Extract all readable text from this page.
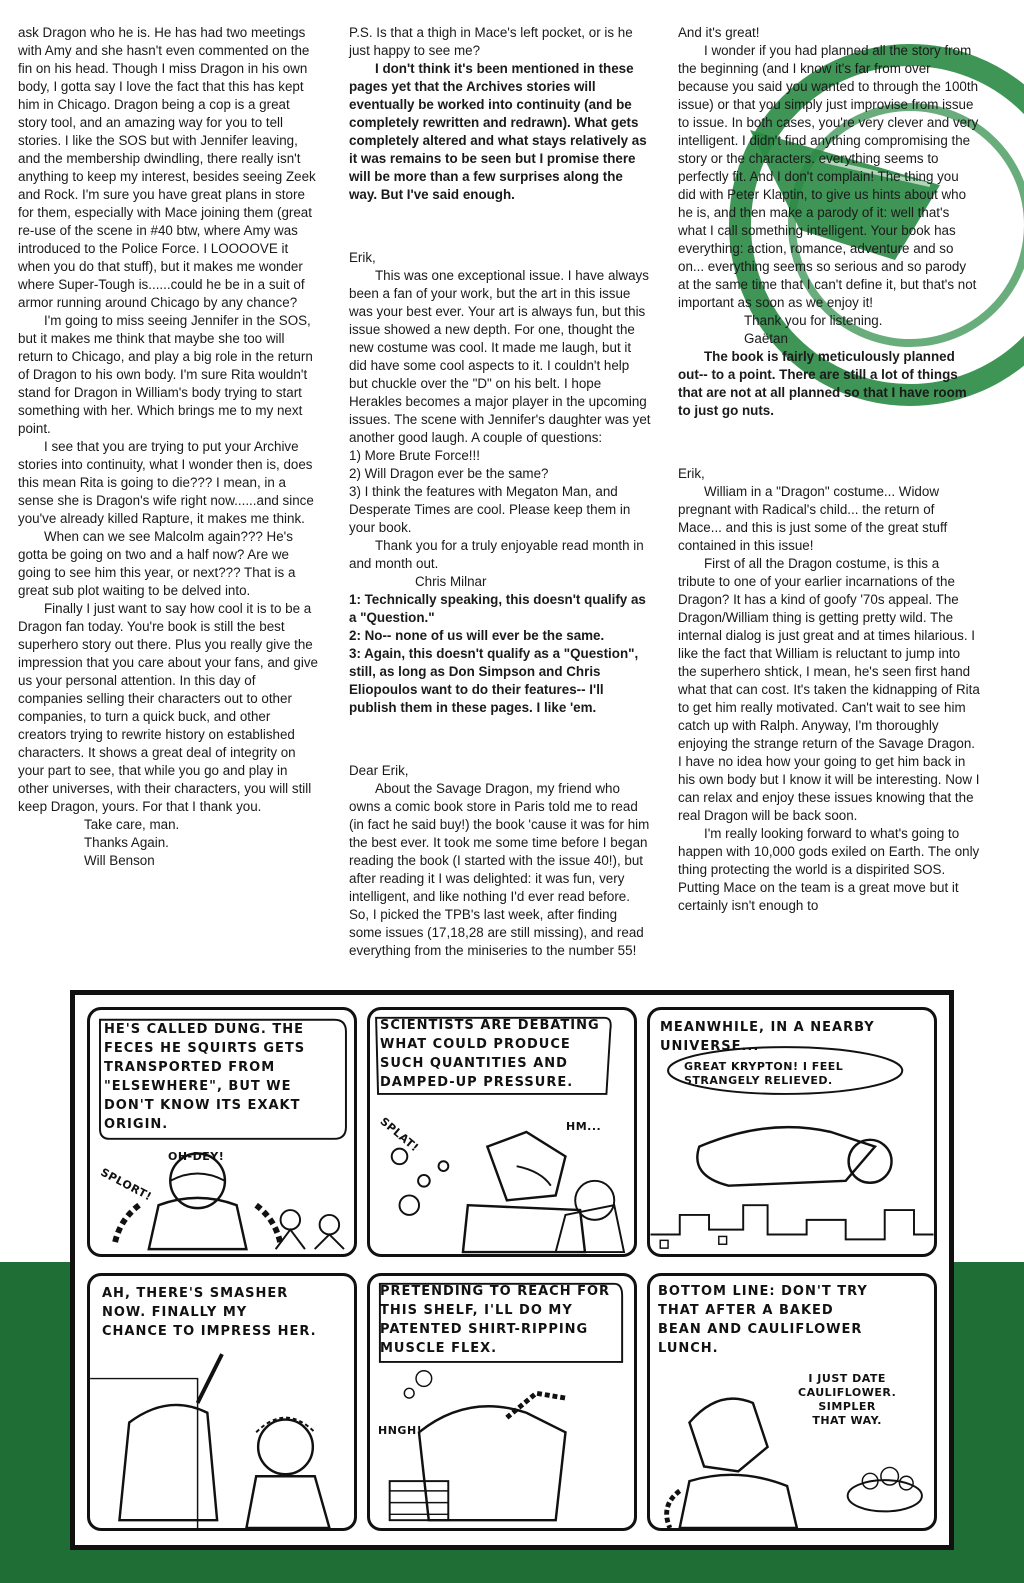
ask Dragon who he is. He has had two meetings with Amy and she hasn't even commented on the fin on his head. Though I miss Dragon in his own body, I gotta say I love the fact that this has kept him in Chicago. Dragon being a cop is a great story tool, and an amazing way for you to tell stories. I like the SOS but with Jennifer leaving, and the membership dwindling, there really isn't anything to keep my interest, besides seeing Zeek and Rock. I'm sure you have great plans in store for them, especially with Mace joining them (great re-use of the scene in #40 btw, where Amy was introduced to the Police Force. I LOOOOVE it when you do that stuff), but it makes me wonder where Super-Tough is......could he be in a suit of armor running around Chicago by any chance?

I'm going to miss seeing Jennifer in the SOS, but it makes me think that maybe she too will return to Chicago, and play a big role in the return of Dragon to his own body. I'm sure Rita wouldn't stand for Dragon in William's body trying to start something with her. Which brings me to my next point.

I see that you are trying to put your Archive stories into continuity, what I wonder then is, does this mean Rita is going to die??? I mean, in a sense she is Dragon's wife right now......and since you've already killed Rapture, it makes me think.

When can we see Malcolm again??? He's gotta be going on two and a half now? Are we going to see him this year, or next??? That is a great sub plot waiting to be delved into.

Finally I just want to say how cool it is to be a Dragon fan today. You're book is still the best superhero story out there. Plus you really give the impression that you care about your fans, and give us your personal attention. In this day of companies selling their characters out to other companies, to turn a quick buck, and other creators trying to rewrite history on established characters. It shows a great deal of integrity on your part to see, that while you go and play in other universes, with their characters, you will still keep Dragon, yours. For that I thank you.

Take care, man.

Thanks Again.

Will Benson

P.S. Is that a thigh in Mace's left pocket, or is he just happy to see me?

I don't think it's been mentioned in these pages yet that the Archives stories will eventually be worked into continuity (and be completely rewritten and redrawn). What gets completely altered and what stays relatively as it was remains to be seen but I promise there will be more than a few surprises along the way. But I've said enough.

Erik,

This was one exceptional issue. I have always been a fan of your work, but the art in this issue was your best ever. Your art is always fun, but this issue showed a new depth. For one, thought the new costume was cool. It made me laugh, but it did have some cool aspects to it. I couldn't help but chuckle over the "D" on his belt. I hope Herakles becomes a major player in the upcoming issues. The scene with Jennifer's daughter was yet another good laugh. A couple of questions:

1) More Brute Force!!!

2) Will Dragon ever be the same?

3) I think the features with Megaton Man, and Desperate Times are cool. Please keep them in your book.

Thank you for a truly enjoyable read month in and month out.

Chris Milnar

1: Technically speaking, this doesn't qualify as a "Question."

2: No-- none of us will ever be the same.

3: Again, this doesn't qualify as a "Question", still, as long as Don Simpson and Chris Eliopoulos want to do their features-- I'll publish them in these pages. I like 'em.

Dear Erik,

About the Savage Dragon, my friend who owns a comic book store in Paris told me to read (in fact he said buy!) the book 'cause it was for him the best ever. It took me some time before I began reading the book (I started with the issue 40!), but after reading it I was delighted: it was fun, very intelligent, and like nothing I'd ever read before. So, I picked the TPB's last week, after finding some issues (17,18,28 are still missing), and read everything from the miniseries to the number 55!

And it's great!

I wonder if you had planned all the story from the beginning (and I know it's far from over because you said you wanted to through the 100th issue) or that you simply just improvise from issue to issue. In both cases, you're very clever and very intelligent. I didn't find anything compromising the story or the characters. everything seems to perfectly fit. And I don't complain! The thing you did with Peter Klaptin, to give us hints about who he is, and then make a parody of it: well that's what I call something intelligent. Your book has everything: action, romance, adventure and so on... everything seems so serious and so parody at the same time that I can't define it, but that's not important as soon as we enjoy it!

Thank you for listening.

Gaëtan

The book is fairly meticulously planned out-- to a point. There are still a lot of things that are not at all planned so that I have room to just go nuts.

Erik,

William in a "Dragon" costume... Widow pregnant with Radical's child... the return of Mace... and this is just some of the great stuff contained in this issue!

First of all the Dragon costume, is this a tribute to one of your earlier incarnations of the Dragon? It has a kind of goofy '70s appeal. The Dragon/William thing is getting pretty wild. The internal dialog is just great and at times hilarious. I like the fact that William is reluctant to jump into the superhero shtick, I mean, he's seen first hand what that can cost. It's taken the kidnapping of Rita to get him really motivated. Can't wait to see him catch up with Ralph. Anyway, I'm thoroughly enjoying the strange return of the Savage Dragon. I have no idea how your going to get him back in his own body but I know it will be interesting. Now I can relax and enjoy these issues knowing that the real Dragon will be back soon.

I'm really looking forward to what's going to happen with 10,000 gods exiled on Earth. The only thing protecting the world is a dispirited SOS. Putting Mace on the team is a great move but it certainly isn't enough to

HE'S CALLED DUNG. THE
FECES HE SQUIRTS GETS
TRANSPORTED FROM
"ELSEWHERE", BUT WE
DON'T KNOW ITS EXAKT
ORIGIN.
OH-DEY!
SPLORT!
SCIENTISTS ARE DEBATING
WHAT COULD PRODUCE
SUCH QUANTITIES AND
DAMPED-UP PRESSURE.
SPLAT!	HM...
MEANWHILE, IN A NEARBY
UNIVERSE...
GREAT KRYPTON! I FEEL
STRANGELY RELIEVED.
AH, THERE'S SMASHER
NOW. FINALLY MY
CHANCE TO IMPRESS HER.
PRETENDING TO REACH FOR
THIS SHELF, I'LL DO MY
PATENTED SHIRT-RIPPING
MUSCLE FLEX.
HNGH!
BOTTOM LINE: DON'T TRY
THAT AFTER A BAKED
BEAN AND CAULIFLOWER
LUNCH.
I JUST DATE
CAULIFLOWER.
SIMPLER
THAT WAY.
